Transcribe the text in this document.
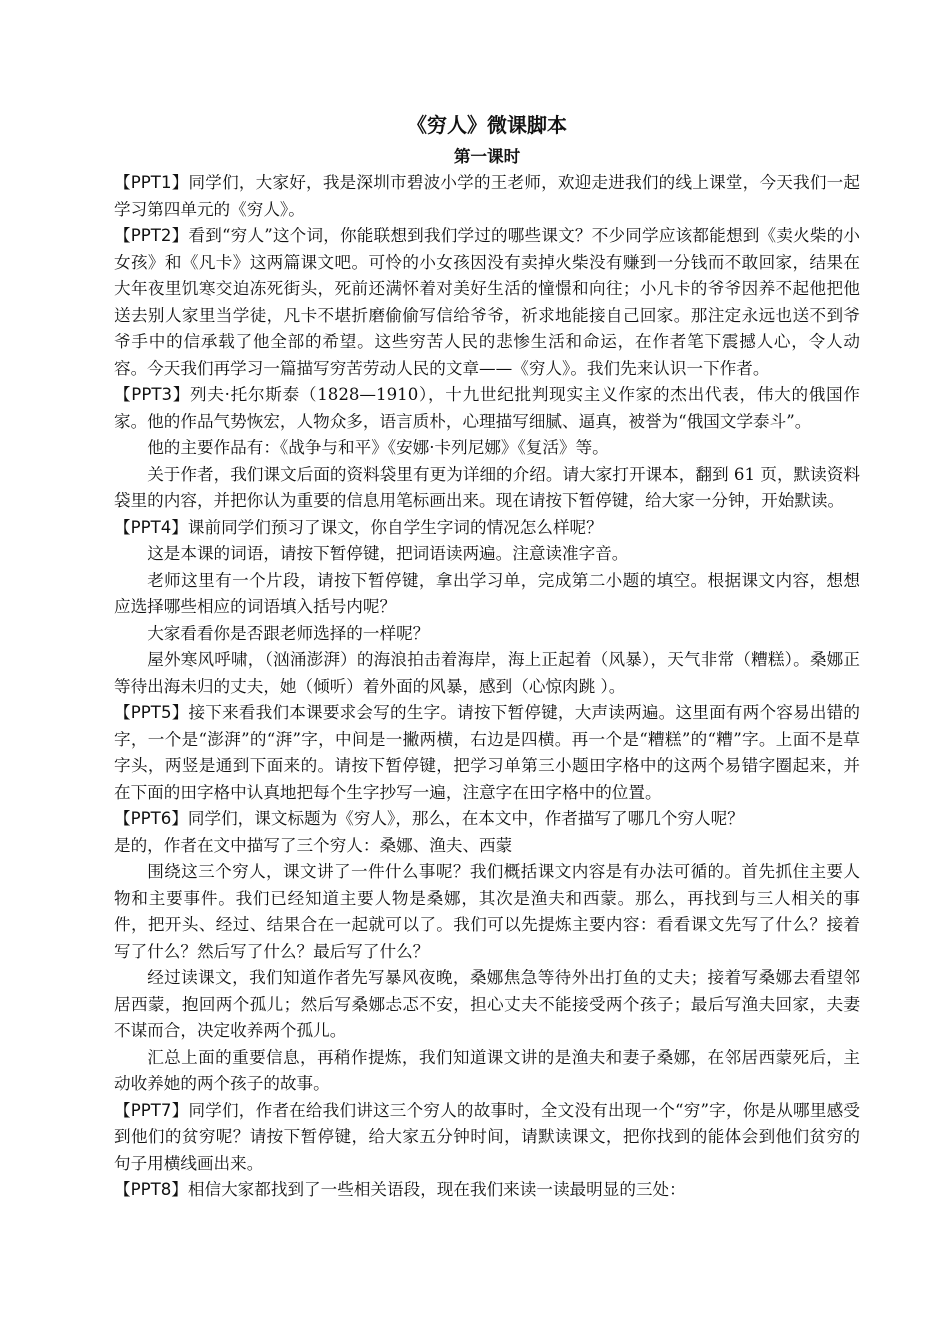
《穷人》微课脚本
第一课时

【PPT1】同学们，大家好，我是深圳市碧波小学的王老师，欢迎走进我们的线上课堂，今天我们一起学习第四单元的《穷人》。

【PPT2】看到“穷人”这个词，你能联想到我们学过的哪些课文？不少同学应该都能想到《卖火柴的小女孩》和《凡卡》这两篇课文吧。可怜的小女孩因没有卖掉火柴没有赚到一分钱而不敢回家，结果在大年夜里饥寒交迫冻死街头，死前还满怀着对美好生活的憧憬和向往；小凡卡的爷爷因养不起他把他送去别人家里当学徒，凡卡不堪折磨偷偷写信给爷爷，祈求地能接自己回家。那注定永远也送不到爷爷手中的信承载了他全部的希望。这些穷苦人民的悲惨生活和命运，在作者笔下震撼人心，令人动容。今天我们再学习一篇描写穷苦劳动人民的文章——《穷人》。我们先来认识一下作者。

【PPT3】列夫·托尔斯泰（1828—1910），十九世纪批判现实主义作家的杰出代表，伟大的俄国作家。他的作品气势恢宏，人物众多，语言质朴，心理描写细腻、逼真，被誉为“俄国文学泰斗”。

他的主要作品有：《战争与和平》《安娜·卡列尼娜》《复活》等。

关于作者，我们课文后面的资料袋里有更为详细的介绍。请大家打开课本，翻到 61 页，默读资料袋里的内容，并把你认为重要的信息用笔标画出来。现在请按下暂停键，给大家一分钟，开始默读。

【PPT4】课前同学们预习了课文，你自学生字词的情况怎么样呢？

这是本课的词语，请按下暂停键，把词语读两遍。注意读准字音。

老师这里有一个片段，请按下暂停键，拿出学习单，完成第二小题的填空。根据课文内容，想想应选择哪些相应的词语填入括号内呢？

大家看看你是否跟老师选择的一样呢？

屋外寒风呼啸，（汹涌澎湃）的海浪拍击着海岸，海上正起着（风暴），天气非常（糟糕）。桑娜正等待出海未归的丈夫，她（倾听）着外面的风暴，感到（心惊肉跳 ）。

【PPT5】接下来看我们本课要求会写的生字。请按下暂停键，大声读两遍。这里面有两个容易出错的字，一个是“澎湃”的“湃”字，中间是一撇两横，右边是四横。再一个是“糟糕”的“糟”字。上面不是草字头，两竖是通到下面来的。请按下暂停键，把学习单第三小题田字格中的这两个易错字圈起来，并在下面的田字格中认真地把每个生字抄写一遍，注意字在田字格中的位置。

【PPT6】同学们，课文标题为《穷人》，那么，在本文中，作者描写了哪几个穷人呢？

是的，作者在文中描写了三个穷人：桑娜、渔夫、西蒙

围绕这三个穷人，课文讲了一件什么事呢？我们概括课文内容是有办法可循的。首先抓住主要人物和主要事件。我们已经知道主要人物是桑娜，其次是渔夫和西蒙。那么，再找到与三人相关的事件，把开头、经过、结果合在一起就可以了。我们可以先提炼主要内容：看看课文先写了什么？接着写了什么？然后写了什么？最后写了什么？

经过读课文，我们知道作者先写暴风夜晚，桑娜焦急等待外出打鱼的丈夫；接着写桑娜去看望邻居西蒙，抱回两个孤儿；然后写桑娜忐忑不安，担心丈夫不能接受两个孩子；最后写渔夫回家，夫妻不谋而合，决定收养两个孤儿。

汇总上面的重要信息，再稍作提炼，我们知道课文讲的是渔夫和妻子桑娜，在邻居西蒙死后，主动收养她的两个孩子的故事。

【PPT7】同学们，作者在给我们讲这三个穷人的故事时，全文没有出现一个“穷”字，你是从哪里感受到他们的贫穷呢？请按下暂停键，给大家五分钟时间，请默读课文，把你找到的能体会到他们贫穷的句子用横线画出来。

【PPT8】相信大家都找到了一些相关语段，现在我们来读一读最明显的三处：
